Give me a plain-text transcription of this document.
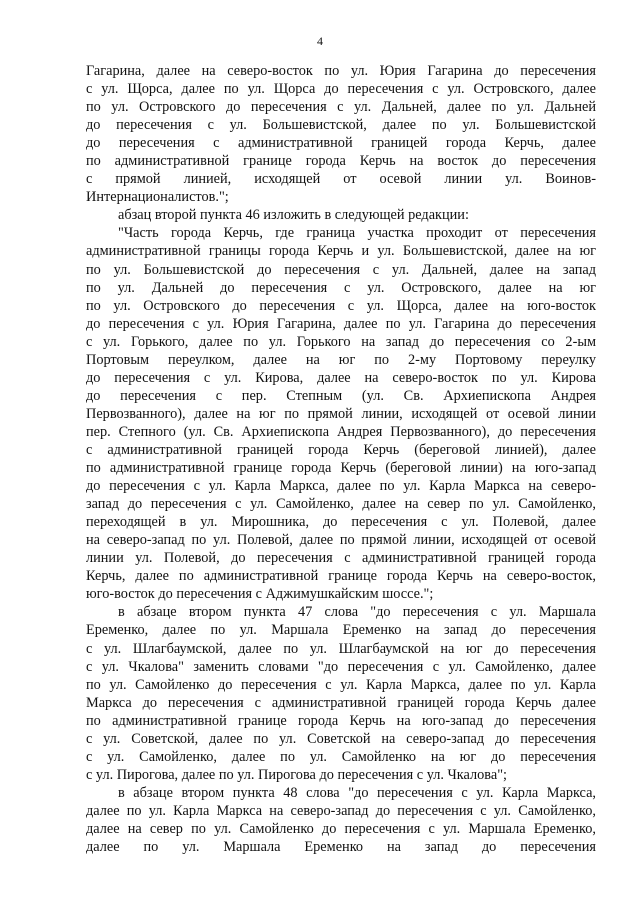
4
Гагарина, далее на северо-восток по ул. Юрия Гагарина до пересечения
с ул. Щорса, далее по ул. Щорса до пересечения с ул. Островского, далее
по ул. Островского до пересечения с ул. Дальней, далее по ул. Дальней
до пересечения с ул. Большевистской, далее по ул. Большевистской
до пересечения с административной границей города Керчь, далее
по административной границе города Керчь на восток до пересечения
с прямой линией, исходящей от осевой линии ул. Воинов-
Интернационалистов.";
абзац второй пункта 46 изложить в следующей редакции:
"Часть города Керчь, где граница участка проходит от пересечения
административной границы города Керчь и ул. Большевистской, далее на юг
по ул. Большевистской до пересечения с ул. Дальней, далее на запад
по ул. Дальней до пересечения с ул. Островского, далее на юг
по ул. Островского до пересечения с ул. Щорса, далее на юго-восток
до пересечения с ул. Юрия Гагарина, далее по ул. Гагарина до пересечения
с ул. Горького, далее по ул. Горького на запад до пересечения со 2-ым
Портовым переулком, далее на юг по 2-му Портовому переулку
до пересечения с ул. Кирова, далее на северо-восток по ул. Кирова
до пересечения с пер. Степным (ул. Св. Архиепископа Андрея
Первозванного), далее на юг по прямой линии, исходящей от осевой линии
пер. Степного (ул. Св. Архиепископа Андрея Первозванного), до пересечения
с административной границей города Керчь (береговой линией), далее
по административной границе города Керчь (береговой линии) на юго-запад
до пересечения с ул. Карла Маркса, далее по ул. Карла Маркса на северо-
запад до пересечения с ул. Самойленко, далее на север по ул. Самойленко,
переходящей в ул. Мирошника, до пересечения с ул. Полевой, далее
на северо-запад по ул. Полевой, далее по прямой линии, исходящей от осевой
линии ул. Полевой, до пересечения с административной границей города
Керчь, далее по административной границе города Керчь на северо-восток,
юго-восток до пересечения с Аджимушкайским шоссе.";
в абзаце втором пункта 47 слова "до пересечения с ул. Маршала
Еременко, далее по ул. Маршала Еременко на запад до пересечения
с ул. Шлагбаумской, далее по ул. Шлагбаумской на юг до пересечения
с ул. Чкалова" заменить словами "до пересечения с ул. Самойленко, далее
по ул. Самойленко до пересечения с ул. Карла Маркса, далее по ул. Карла
Маркса до пересечения с административной границей города Керчь далее
по административной границе города Керчь на юго-запад до пересечения
с ул. Советской, далее по ул. Советской на северо-запад до пересечения
с ул. Самойленко, далее по ул. Самойленко на юг до пересечения
с ул. Пирогова, далее по ул. Пирогова до пересечения с ул. Чкалова";
в абзаце втором пункта 48 слова "до пересечения с ул. Карла Маркса,
далее по ул. Карла Маркса на северо-запад до пересечения с ул. Самойленко,
далее на север по ул. Самойленко до пересечения с ул. Маршала Еременко,
далее по ул. Маршала Еременко на запад до пересечения
